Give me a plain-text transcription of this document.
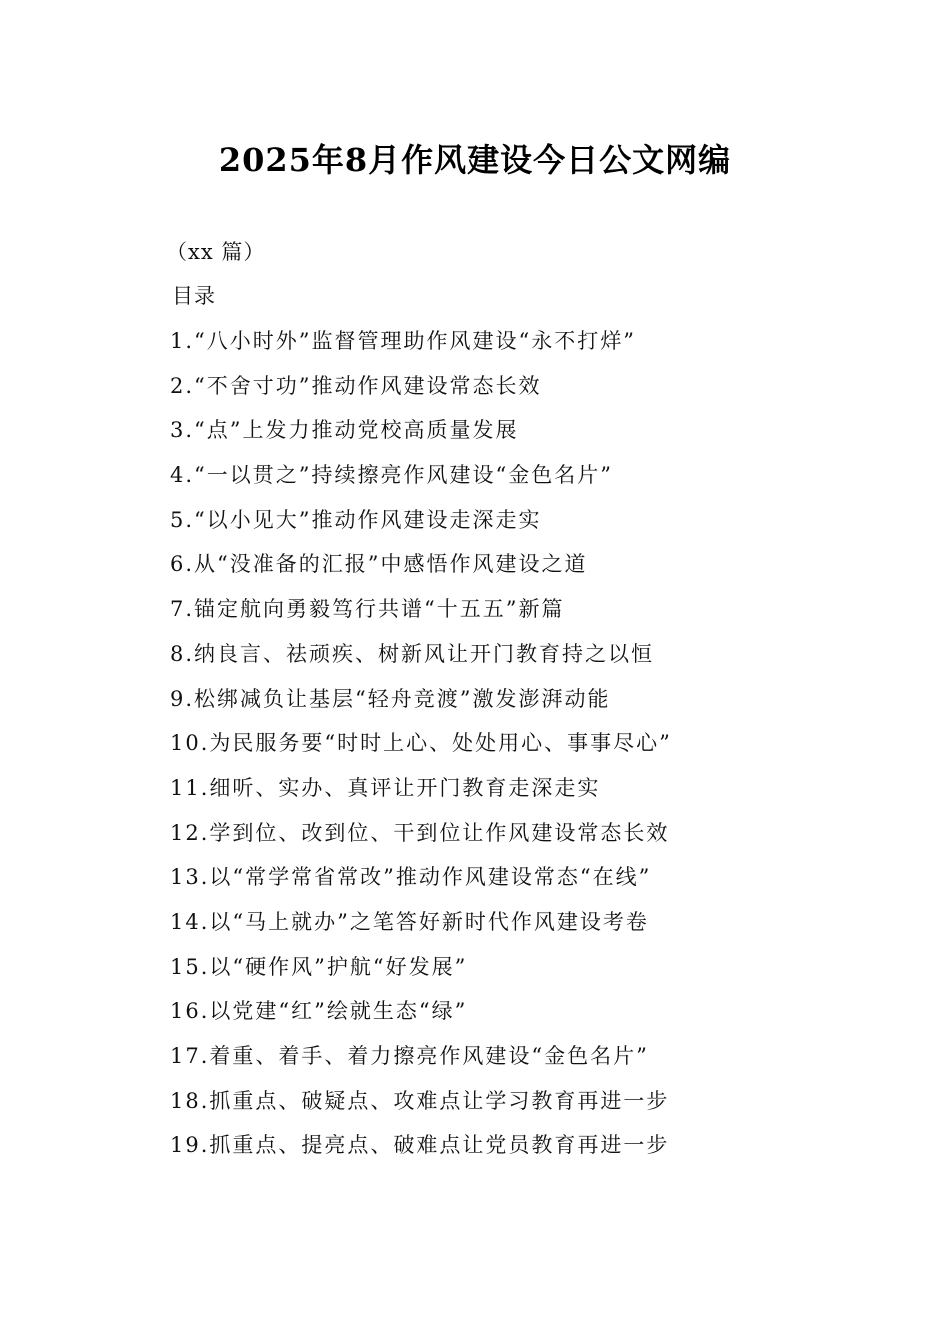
2025年8月作风建设今日公文网编
（xx 篇）
目录
1.“八小时外”监督管理助作风建设“永不打烊”
2.“不舍寸功”推动作风建设常态长效
3.“点”上发力推动党校高质量发展
4.“一以贯之”持续擦亮作风建设“金色名片”
5.“以小见大”推动作风建设走深走实
6.从“没准备的汇报”中感悟作风建设之道
7.锚定航向勇毅笃行共谱“十五五”新篇
8.纳良言、祛顽疾、树新风让开门教育持之以恒
9.松绑减负让基层“轻舟竞渡”激发澎湃动能
10.为民服务要“时时上心、处处用心、事事尽心”
11.细听、实办、真评让开门教育走深走实
12.学到位、改到位、干到位让作风建设常态长效
13.以“常学常省常改”推动作风建设常态“在线”
14.以“马上就办”之笔答好新时代作风建设考卷
15.以“硬作风”护航“好发展”
16.以党建“红”绘就生态“绿”
17.着重、着手、着力擦亮作风建设“金色名片”
18.抓重点、破疑点、攻难点让学习教育再进一步
19.抓重点、提亮点、破难点让党员教育再进一步
